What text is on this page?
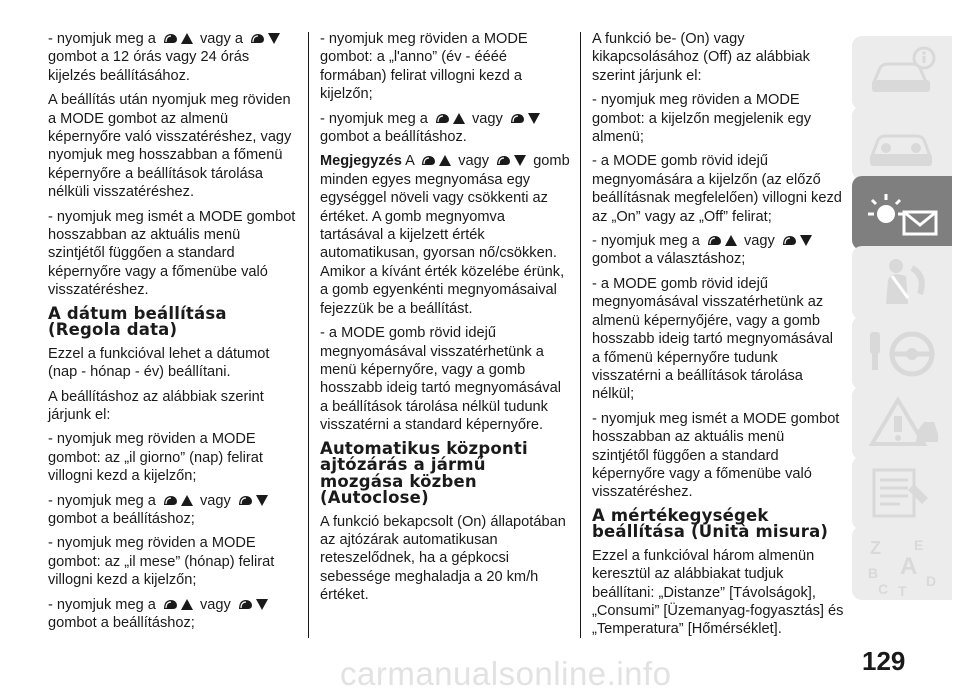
- nyomjuk meg a	vagy a  gombot a 12 órás vagy 24 órás kijelzés beállításához.

A beállítás után nyomjuk meg röviden a MODE gombot az almenü képernyőre való visszatéréshez, vagy nyomjuk meg hosszabban a főmenü képernyőre a beállítások tárolása nélküli visszatéréshez.

- nyomjuk meg ismét a MODE gombot hosszabban az aktuális menü szintjétől függően a standard képernyőre vagy a főmenübe való visszatéréshez.

A dátum beállítása (Regola data)

Ezzel a funkcióval lehet a dátumot (nap - hónap - év) beállítani.

A beállításhoz az alábbiak szerint járjunk el:

- nyomjuk meg röviden a MODE gombot: az „il giorno” (nap) felirat villogni kezd a kijelzőn;

- nyomjuk meg a	vagy  gombot a beállításhoz;

- nyomjuk meg röviden a MODE gombot: az „il mese” (hónap) felirat villogni kezd a kijelzőn;

- nyomjuk meg a	vagy  gombot a beállításhoz;

- nyomjuk meg röviden a MODE gombot: a „l'anno” (év - éééé formában) felirat villogni kezd a kijelzőn;

- nyomjuk meg a	vagy  gombot a beállításhoz.

Megjegyzés A	vagy	gomb minden egyes megnyomása egy egységgel növeli vagy csökkenti az értéket. A gomb megnyomva tartásával a kijelzett érték automatikusan, gyorsan nő/csökken. Amikor a kívánt érték közelébe érünk, a gomb egyenkénti megnyomásaival fejezzük be a beállítást.

- a MODE gomb rövid idejű megnyomásával visszatérhetünk a menü képernyőre, vagy a gomb hosszabb ideig tartó megnyomásával a beállítások tárolása nélkül tudunk visszatérni a standard képernyőre.

Automatikus központi ajtózárás a jármű mozgása közben (Autoclose)

A funkció bekapcsolt (On) állapotában az ajtózárak automatikusan reteszelődnek, ha a gépkocsi sebessége meghaladja a 20 km/h értéket.

A funkció be- (On) vagy kikapcsolásához (Off) az alábbiak szerint járjunk el:

- nyomjuk meg röviden a MODE gombot: a kijelzőn megjelenik egy almenü;

- a MODE gomb rövid idejű megnyomására a kijelzőn (az előző beállításnak megfelelően) villogni kezd az „On” vagy az „Off” felirat;

- nyomjuk meg a	vagy  gombot a választáshoz;

- a MODE gomb rövid idejű megnyomásával visszatérhetünk az almenü képernyőjére, vagy a gomb hosszabb ideig tartó megnyomásával a főmenü képernyőre tudunk visszatérni a beállítások tárolása nélkül;

- nyomjuk meg ismét a MODE gombot hosszabban az aktuális menü szintjétől függően a standard képernyőre vagy a főmenübe való visszatéréshez.

A mértékegységek beállítása (Unità misura)

Ezzel a funkcióval három almenün keresztül az alábbiakat tudjuk beállítani: „Distanze” [Távolságok], „Consumi” [Üzemanyag-fogyasztás] és „Temperatura” [Hőmérséklet].

Z E
A
B	D
C T
carmanualsonline.info	129
